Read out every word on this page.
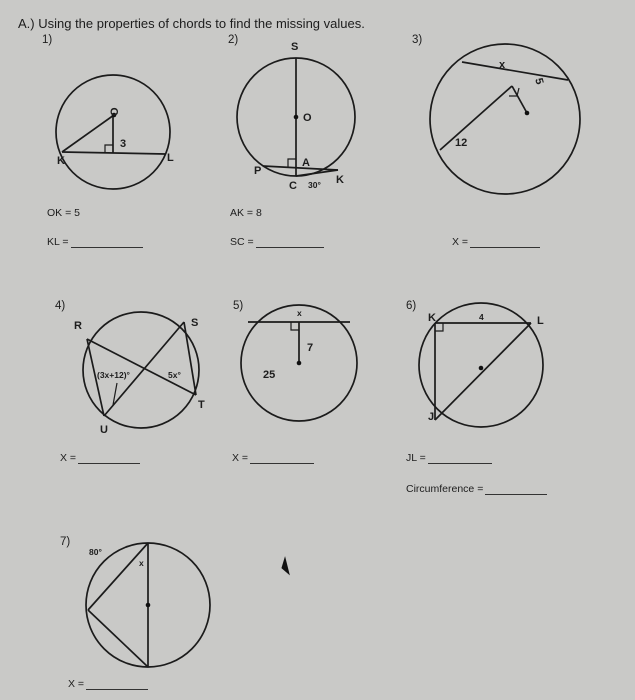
A.) Using the properties of chords to find the missing values.
1)	2)	3)
4)	5)	6)
7)
OK = 5
KL =
AK = 8
SC =	X =
X =	X =	JL =
Circumference =
X =
O
3
K	L
S
O
P
A
C 30° K
x
5
12
R	S
T
U
(3x+12)°	5x°
x
7
25
K	L
J
4
80°
x
